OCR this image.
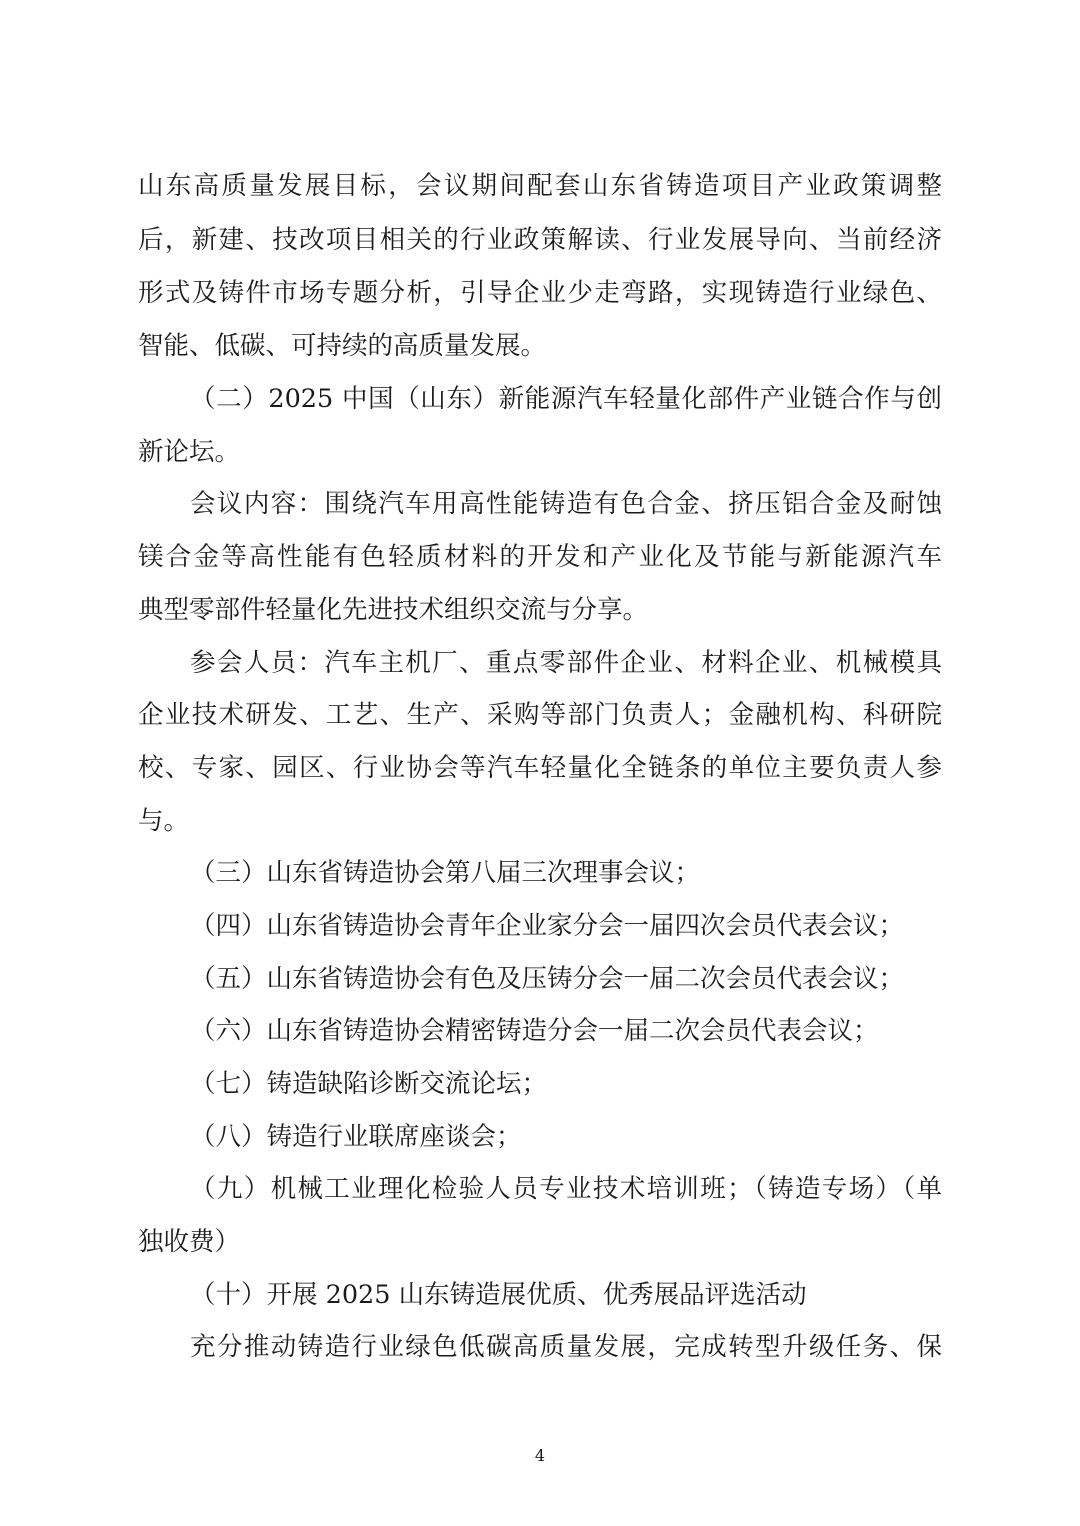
山东高质量发展目标，会议期间配套山东省铸造项目产业政策调整
后，新建、技改项目相关的行业政策解读、行业发展导向、当前经济
形式及铸件市场专题分析，引导企业少走弯路，实现铸造行业绿色、
智能、低碳、可持续的高质量发展。
（二）2025 中国（山东）新能源汽车轻量化部件产业链合作与创
新论坛。
会议内容：围绕汽车用高性能铸造有色合金、挤压铝合金及耐蚀
镁合金等高性能有色轻质材料的开发和产业化及节能与新能源汽车
典型零部件轻量化先进技术组织交流与分享。
参会人员：汽车主机厂、重点零部件企业、材料企业、机械模具
企业技术研发、工艺、生产、采购等部门负责人；金融机构、科研院
校、专家、园区、行业协会等汽车轻量化全链条的单位主要负责人参
与。
（三）山东省铸造协会第八届三次理事会议；
（四）山东省铸造协会青年企业家分会一届四次会员代表会议；
（五）山东省铸造协会有色及压铸分会一届二次会员代表会议；
（六）山东省铸造协会精密铸造分会一届二次会员代表会议；
（七）铸造缺陷诊断交流论坛；
（八）铸造行业联席座谈会；
（九）机械工业理化检验人员专业技术培训班；（铸造专场）（单
独收费）
（十）开展 2025 山东铸造展优质、优秀展品评选活动
充分推动铸造行业绿色低碳高质量发展，完成转型升级任务、保
4
